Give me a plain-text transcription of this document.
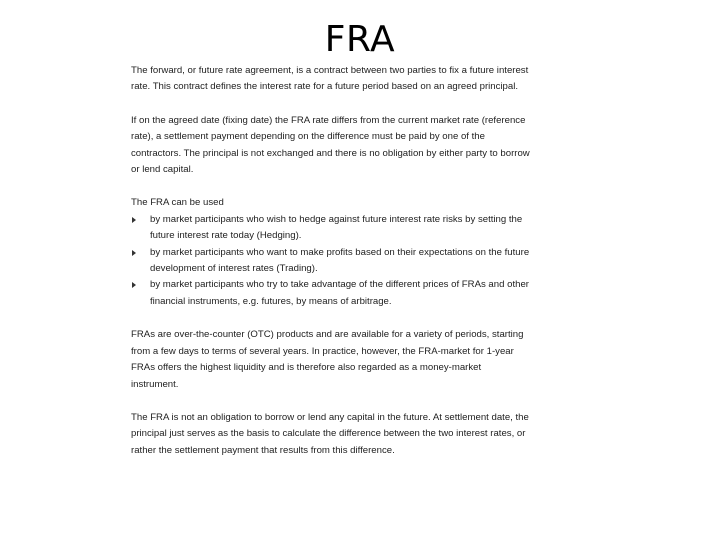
FRA

The forward, or future rate agreement, is a contract between two parties to fix a future interest rate. This contract defines the interest rate for a future period based on an agreed principal.

If on the agreed date (fixing date) the FRA rate differs from the current market rate (reference rate), a settlement payment depending on the difference must be paid by one of the contractors. The principal is not exchanged and there is no obligation by either party to borrow or lend capital.

The FRA can be used

by market participants who wish to hedge against future interest rate risks by setting the future interest rate today (Hedging).
by market participants who want to make profits based on their expectations on the future development of interest rates (Trading).
by market participants who try to take advantage of the different prices of FRAs and other financial instruments, e.g. futures, by means of arbitrage.

FRAs are over-the-counter (OTC) products and are available for a variety of periods, starting from a few days to terms of several years. In practice, however, the FRA-market for 1-year FRAs offers the highest liquidity and is therefore also regarded as a money-market instrument.

The FRA is not an obligation to borrow or lend any capital in the future. At settlement date, the principal just serves as the basis to calculate the difference between the two interest rates, or rather the settlement payment that results from this difference.
